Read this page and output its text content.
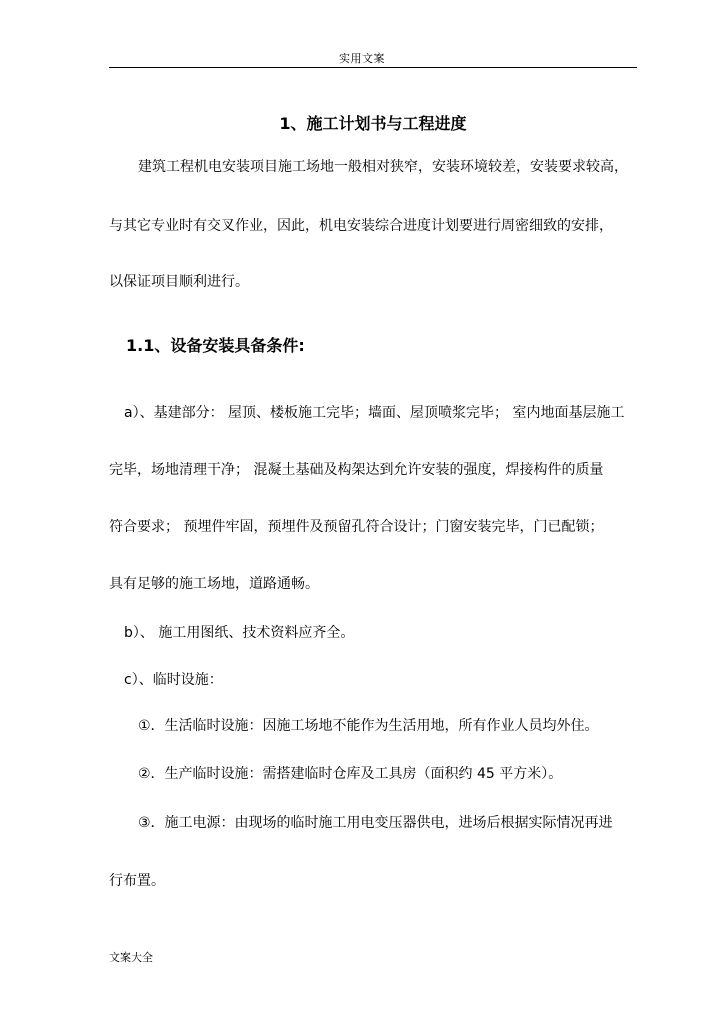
实用文案
1、施工计划书与工程进度
建筑工程机电安装项目施工场地一般相对狭窄，安装环境较差，安装要求较高，
与其它专业时有交叉作业，因此，机电安装综合进度计划要进行周密细致的安排，
以保证项目顺利进行。
1.1、设备安装具备条件:
a）、基建部分： 屋顶、楼板施工完毕；墙面、屋顶喷浆完毕； 室内地面基层施工
完毕，场地清理干净； 混凝土基础及构架达到允许安装的强度，焊接构件的质量
符合要求； 预埋件牢固，预埋件及预留孔符合设计；门窗安装完毕，门已配锁；
具有足够的施工场地，道路通畅。
b）、 施工用图纸、技术资料应齐全。
c）、临时设施：
①．生活临时设施：因施工场地不能作为生活用地，所有作业人员均外住。
②．生产临时设施：需搭建临时仓库及工具房（面积约 45 平方米）。
③．施工电源：由现场的临时施工用电变压器供电，进场后根据实际情况再进
行布置。
文案大全
